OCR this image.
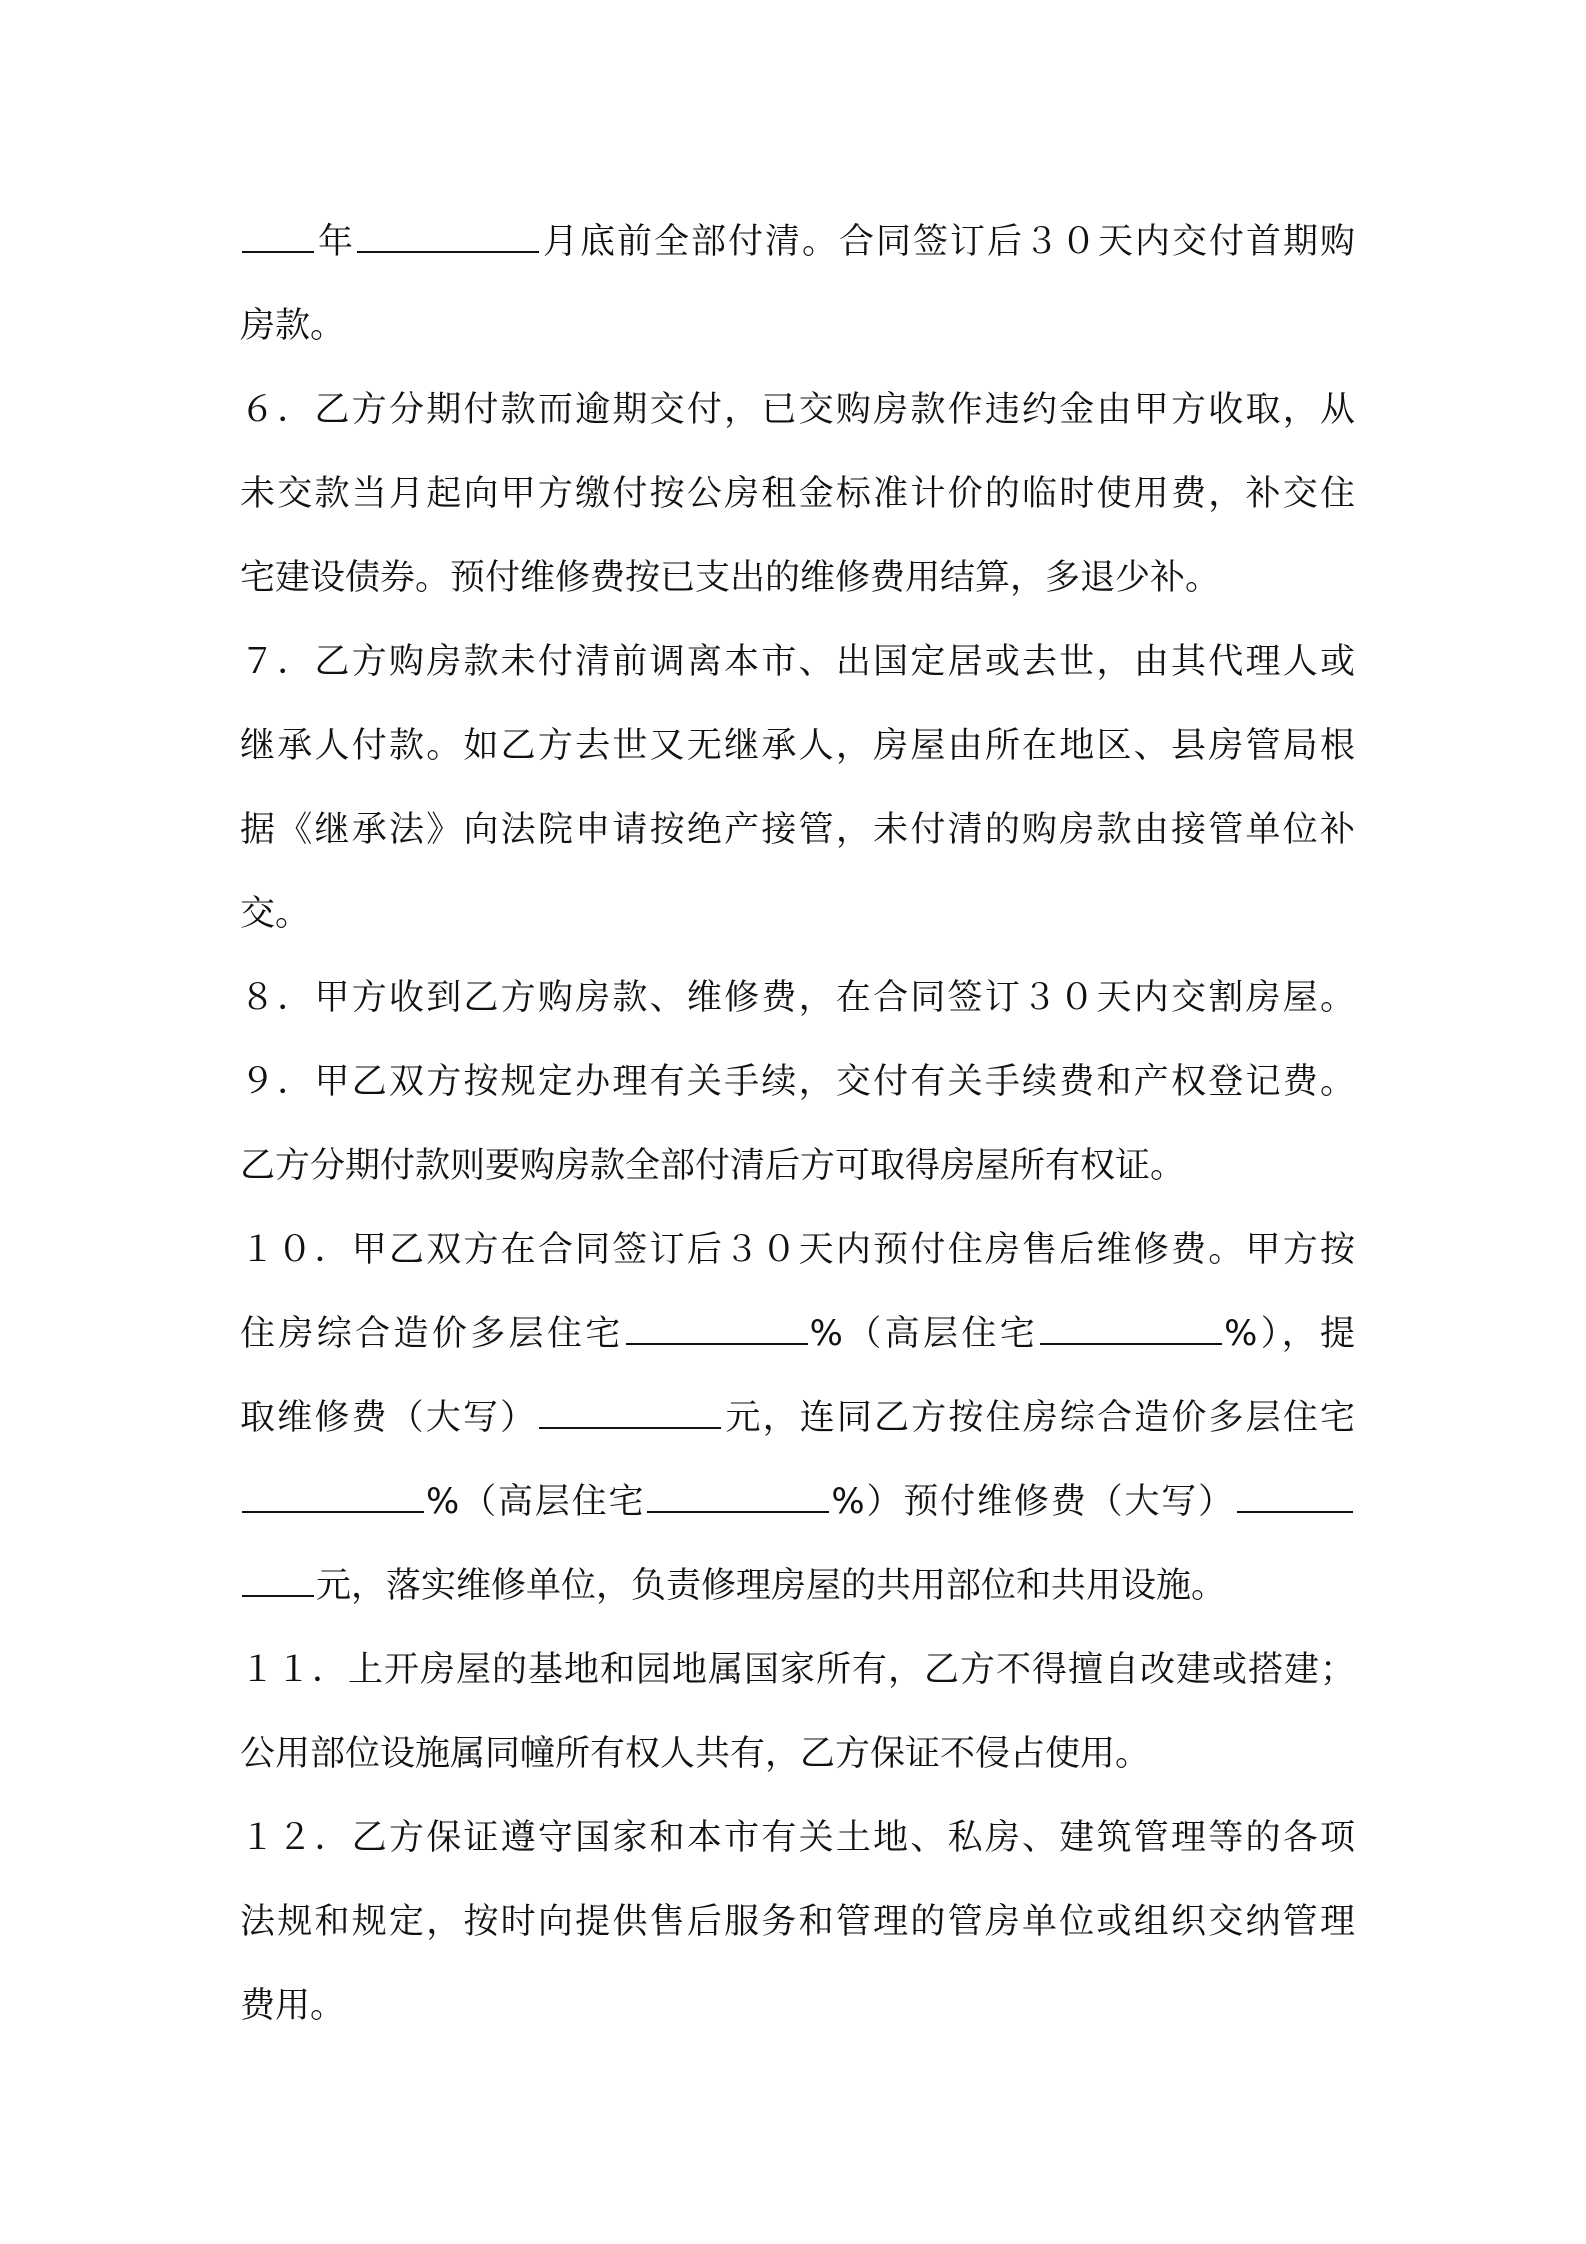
年	月底前全部付清。合同签订后３０天内交付首期购
房款。
６．乙方分期付款而逾期交付，已交购房款作违约金由甲方收取，从
未交款当月起向甲方缴付按公房租金标准计价的临时使用费，补交住
宅建设债券。预付维修费按已支出的维修费用结算，多退少补。
７．乙方购房款未付清前调离本市、出国定居或去世，由其代理人或
继承人付款。如乙方去世又无继承人，房屋由所在地区、县房管局根
据《继承法》向法院申请按绝产接管，未付清的购房款由接管单位补
交。
８．甲方收到乙方购房款、维修费，在合同签订３０天内交割房屋。
９．甲乙双方按规定办理有关手续，交付有关手续费和产权登记费。
乙方分期付款则要购房款全部付清后方可取得房屋所有权证。
１０．甲乙双方在合同签订后３０天内预付住房售后维修费。甲方按
住房综合造价多层住宅	%（高层住宅	%），提
取维修费（大写）	元，连同乙方按住房综合造价多层住宅
%（高层住宅	%）预付维修费（大写）
元，落实维修单位，负责修理房屋的共用部位和共用设施。
１１．上开房屋的基地和园地属国家所有，乙方不得擅自改建或搭建；
公用部位设施属同幢所有权人共有，乙方保证不侵占使用。
１２．乙方保证遵守国家和本市有关土地、私房、建筑管理等的各项
法规和规定，按时向提供售后服务和管理的管房单位或组织交纳管理
费用。
